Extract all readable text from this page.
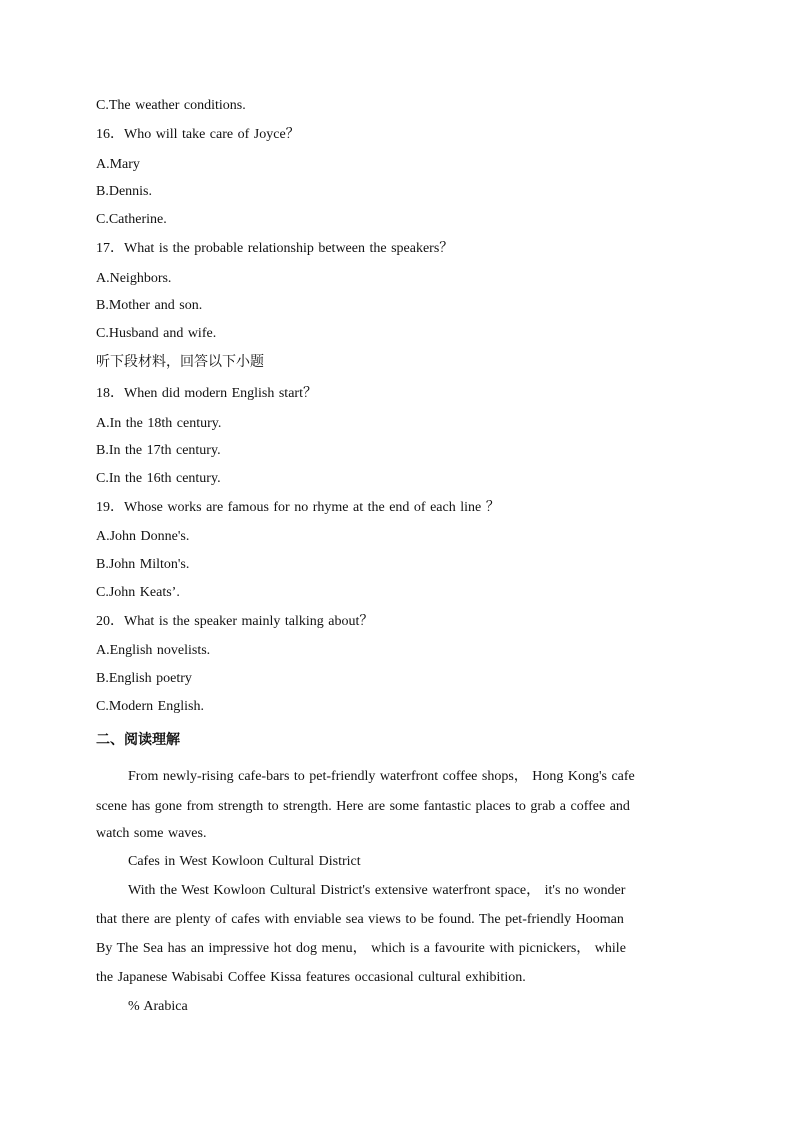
C.The weather conditions.
16．Who will take care of Joyce？
A.Mary
B.Dennis.
C.Catherine.
17．What is the probable relationship between the speakers？
A.Neighbors.
B.Mother and son.
C.Husband and wife.
听下段材料，回答以下小题
18．When did modern English start？
A.In the 18th century.
B.In the 17th century.
C.In the 16th century.
19．Whose works are famous for no rhyme at the end of each line ？
A.John Donne's.
B.John Milton's.
C.John Keats’.
20．What is the speaker mainly talking about？
A.English novelists.
B.English poetry
C.Modern English.
二、阅读理解
From newly-rising cafe-bars to pet-friendly waterfront coffee shops， Hong Kong's cafe
scene has gone from strength to strength. Here are some fantastic places to grab a coffee and
watch some waves.
Cafes in West Kowloon Cultural District
With the West Kowloon Cultural District's extensive waterfront space， it's no wonder
that there are plenty of cafes with enviable sea views to be found. The pet-friendly Hooman
By The Sea has an impressive hot dog menu， which is a favourite with picnickers， while
the Japanese Wabisabi Coffee Kissa features occasional cultural exhibition.
% Arabica
